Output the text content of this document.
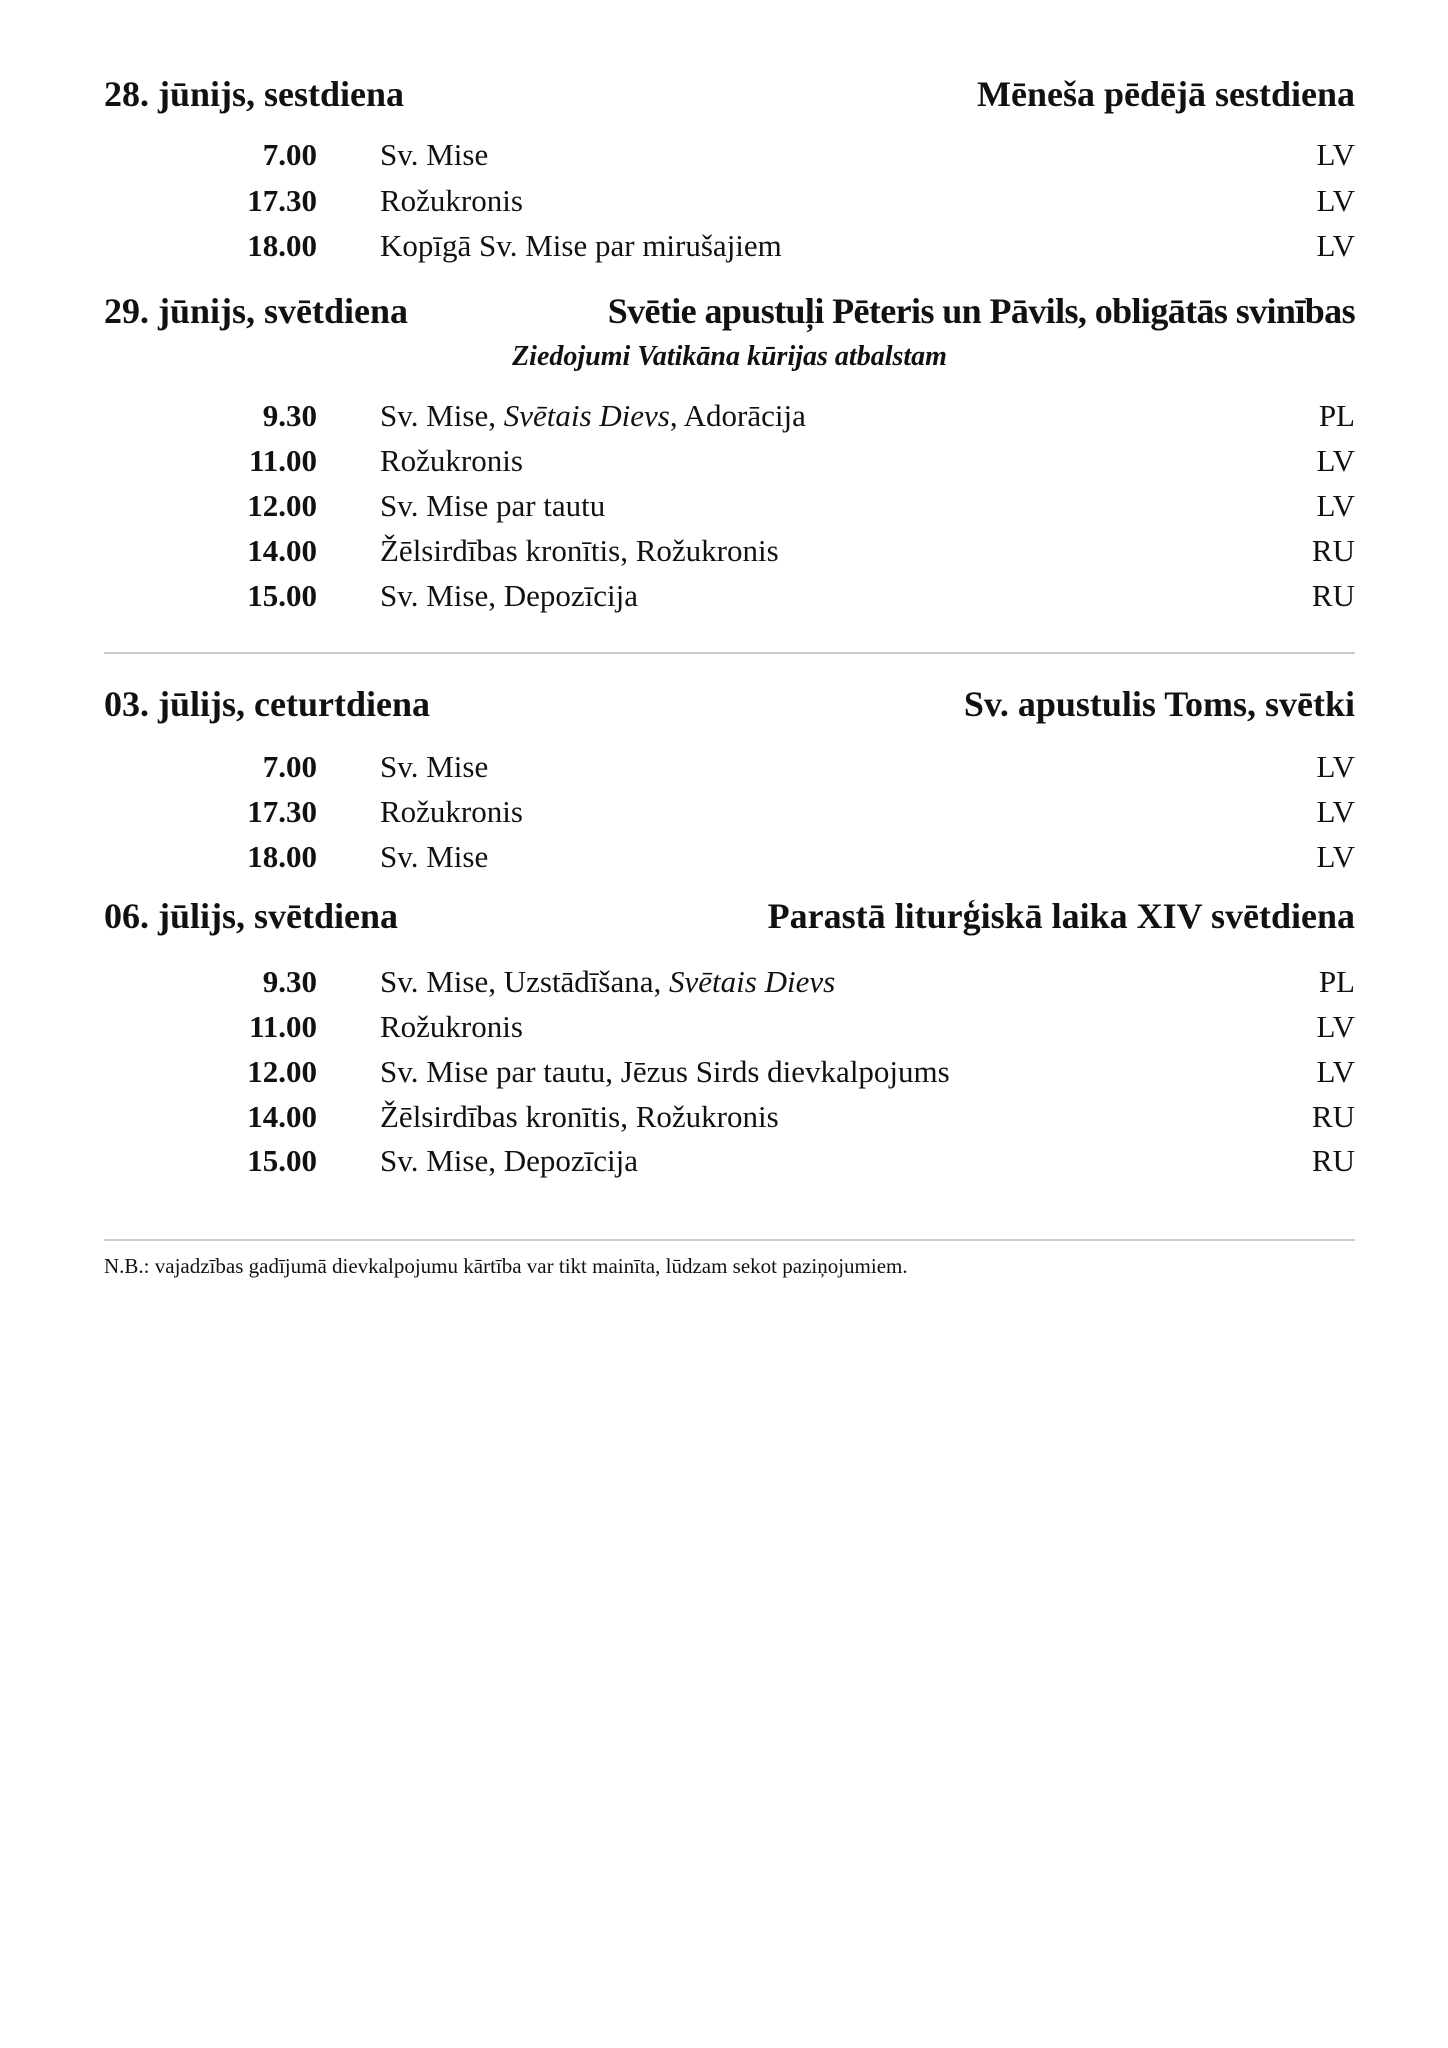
28. jūnijs, sestdiena	Mēneša pēdējā sestdiena
7.00 Sv. Mise	LV
17.30 Rožukronis	LV
18.00 Kopīgā Sv. Mise par mirušajiem	LV
29. jūnijs, svētdiena	Svētie apustuļi Pēteris un Pāvils, obligātās svinības
Ziedojumi Vatikāna kūrijas atbalstam
9.30 Sv. Mise, Svētais Dievs, Adorācija	PL
11.00 Rožukronis	LV
12.00 Sv. Mise par tautu	LV
14.00 Žēlsirdības kronītis, Rožukronis	RU
15.00 Sv. Mise, Depozīcija	RU
03. jūlijs, ceturtdiena	Sv. apustulis Toms, svētki
7.00 Sv. Mise	LV
17.30 Rožukronis	LV
18.00 Sv. Mise	LV
06. jūlijs, svētdiena	Parastā liturģiskā laika XIV svētdiena
9.30 Sv. Mise, Uzstādīšana, Svētais Dievs	PL
11.00 Rožukronis	LV
12.00 Sv. Mise par tautu, Jēzus Sirds dievkalpojums	LV
14.00 Žēlsirdības kronītis, Rožukronis	RU
15.00 Sv. Mise, Depozīcija	RU
N.B.: vajadzības gadījumā dievkalpojumu kārtība var tikt mainīta, lūdzam sekot paziņojumiem.
